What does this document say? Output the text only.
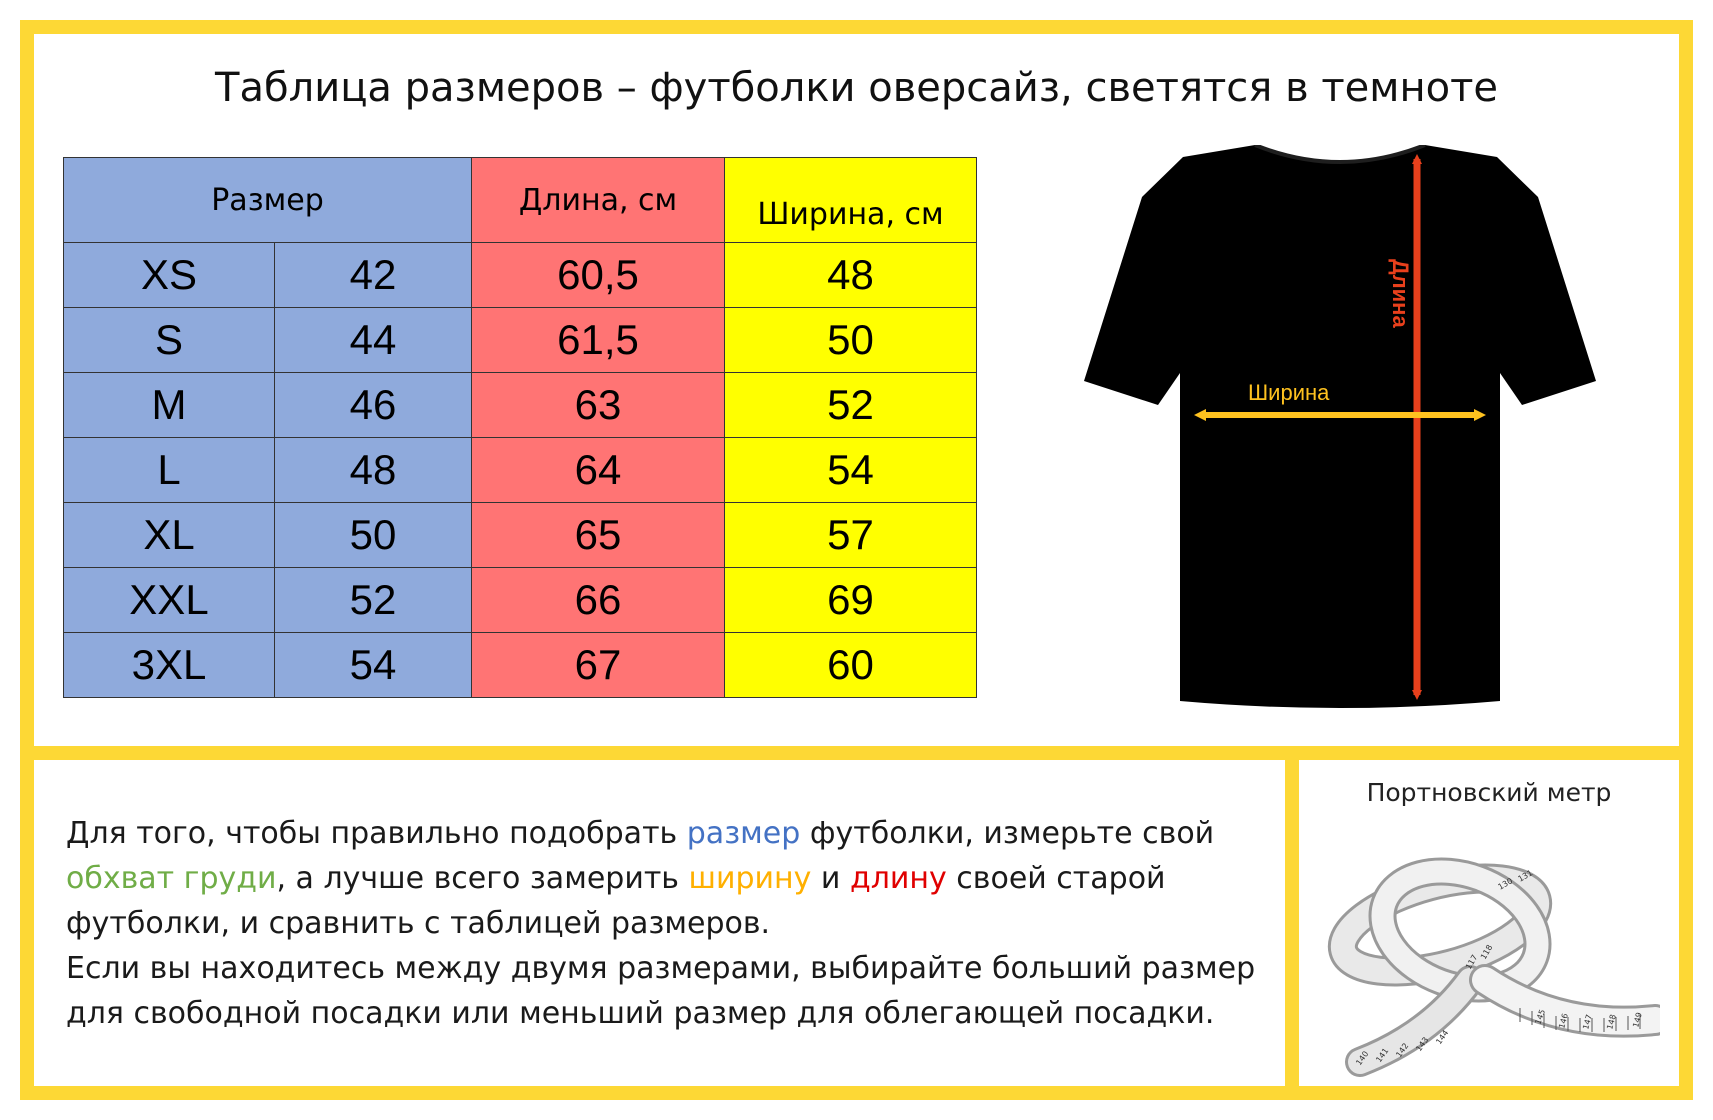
Таблица размеров – футболки оверсайз, светятся в темноте
Размер		Длина, см	Ширина, см

XS	42	60,5	48
S	44	61,5	50
M	46	63	52
L	48	64	54
XL	50	65	57
XXL	52	66	69
3XL	54	67	60
Длина
Ширина

Для того, чтобы правильно подобрать размер футболки, измерьте свой обхват груди, а лучше всего замерить ширину и длину своей старой футболки, и сравнить с таблицей размеров.

Если вы находитесь между двумя размерами, выбирайте больший размер для свободной посадки или меньший размер для облегающей посадки.

Портновский метр
148 149
147
146
145
144
143
142
141
140
130
131
117
118
